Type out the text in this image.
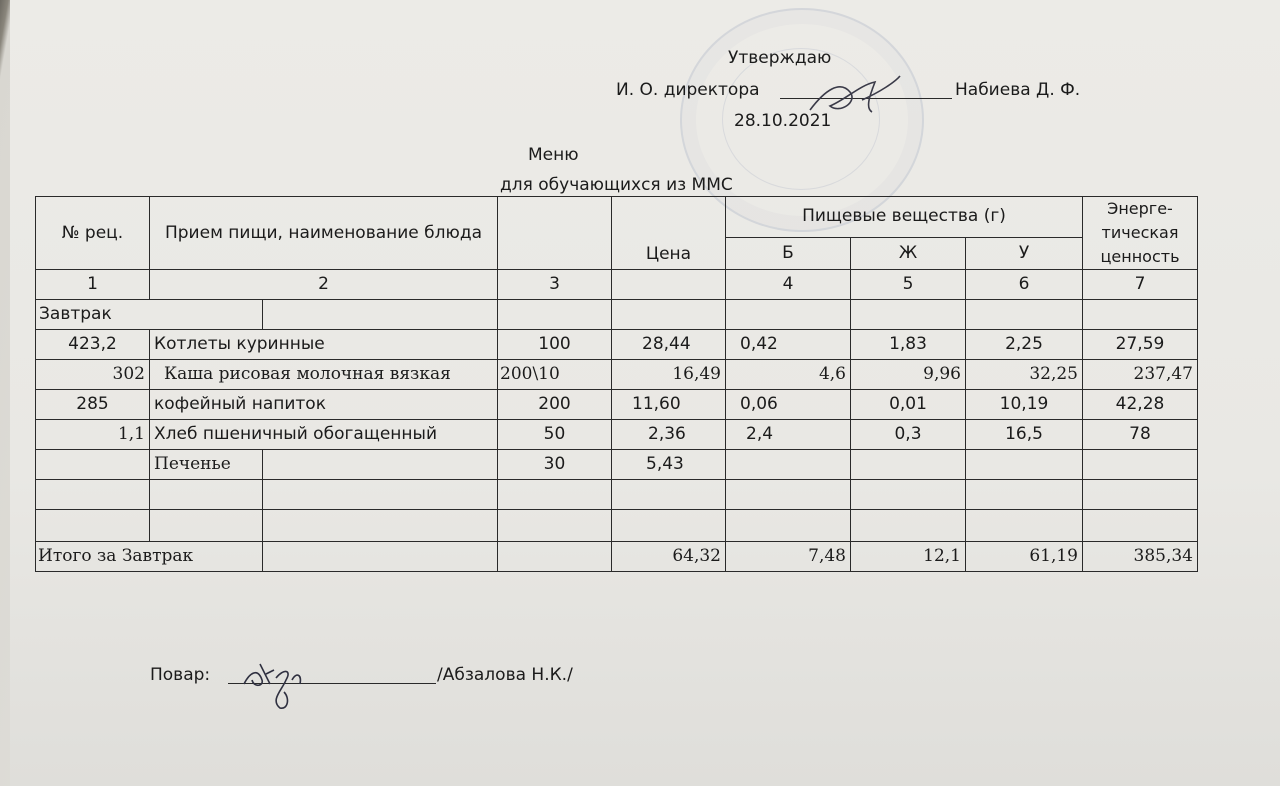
Утверждаю
И. О. директора	Набиева Д. Ф.
28.10.2021
Меню
для обучающихся из ММС
№ рец.	Прием пищи, наименование блюда			Цена	Пищевые вещества (г)			Энерге-тическая ценность
					Б	Ж	У	
1	2		3		4	5	6	7
Завтрак								
423,2	Котлеты куринные		100	28,44	0,42	1,83	2,25	27,59
302	Каша рисовая молочная вязкая		200\10	16,49	4,6	9,96	32,25	237,47
285	кофейный напиток		200	11,60	0,06	0,01	10,19	42,28
1,1	Хлеб пшеничный обогащенный		50	2,36	2,4	0,3	16,5	78
	Печенье		30	5,43				

Итого за Завтрак				64,32	7,48	12,1	61,19	385,34
Повар:	/Абзалова Н.К./
